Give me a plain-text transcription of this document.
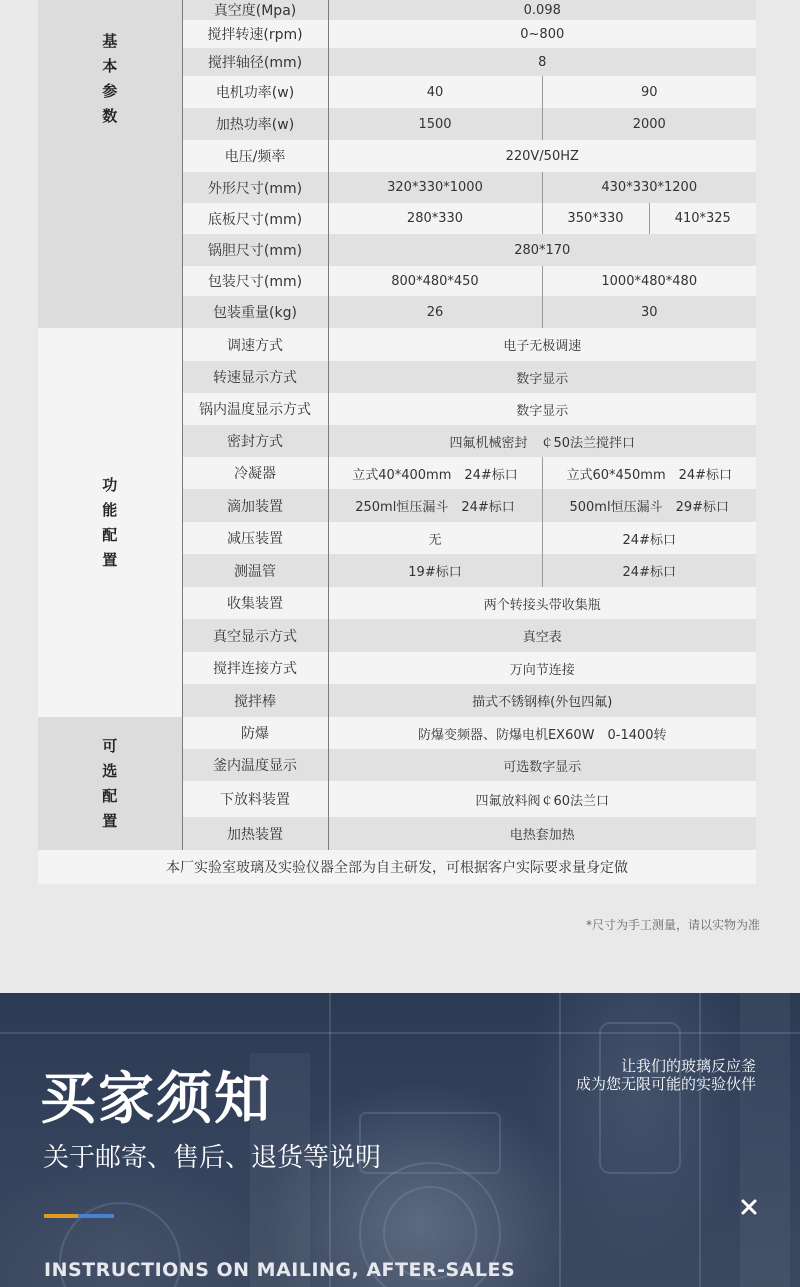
基本参数	真空度(Mpa)	0.098		
	搅拌转速(rpm)	0~800		
	搅拌轴径(mm)	8		
	电机功率(w)	40	90	
	加热功率(w)	1500	2000	
	电压/频率	220V/50HZ		
	外形尺寸(mm)	320*330*1000	430*330*1200	
	底板尺寸(mm)	280*330	350*330	410*325
	锅胆尺寸(mm)	280*170		
	包装尺寸(mm)	800*480*450	1000*480*480	
	包装重量(kg)	26	30	
功能配置	调速方式	电子无极调速		
	转速显示方式	数字显示		
	锅内温度显示方式	数字显示		
	密封方式	四氟机械密封　￠50法兰搅拌口		
	冷凝器	立式40*400mm　24#标口	立式60*450mm　24#标口	
	滴加装置	250ml恒压漏斗　24#标口	500ml恒压漏斗　29#标口	
	减压装置	无	24#标口	
	测温管	19#标口	24#标口	
	收集装置	两个转接头带收集瓶		
	真空显示方式	真空表		
	搅拌连接方式	万向节连接		
	搅拌棒	描式不锈钢棒(外包四氟)		
可选配置	防爆	防爆变频器、防爆电机EX60W　0-1400转		
	釜内温度显示	可选数字显示		
	下放料装置	四氟放料阀￠60法兰口		
	加热装置	电热套加热		
本厂实验室玻璃及实验仪器全部为自主研发，可根据客户实际要求量身定做				
*尺寸为手工测量，请以实物为准
买家须知
关于邮寄、售后、退货等说明
让我们的玻璃反应釜
成为您无限可能的实验伙伴
INSTRUCTIONS ON MAILING, AFTER-SALES
